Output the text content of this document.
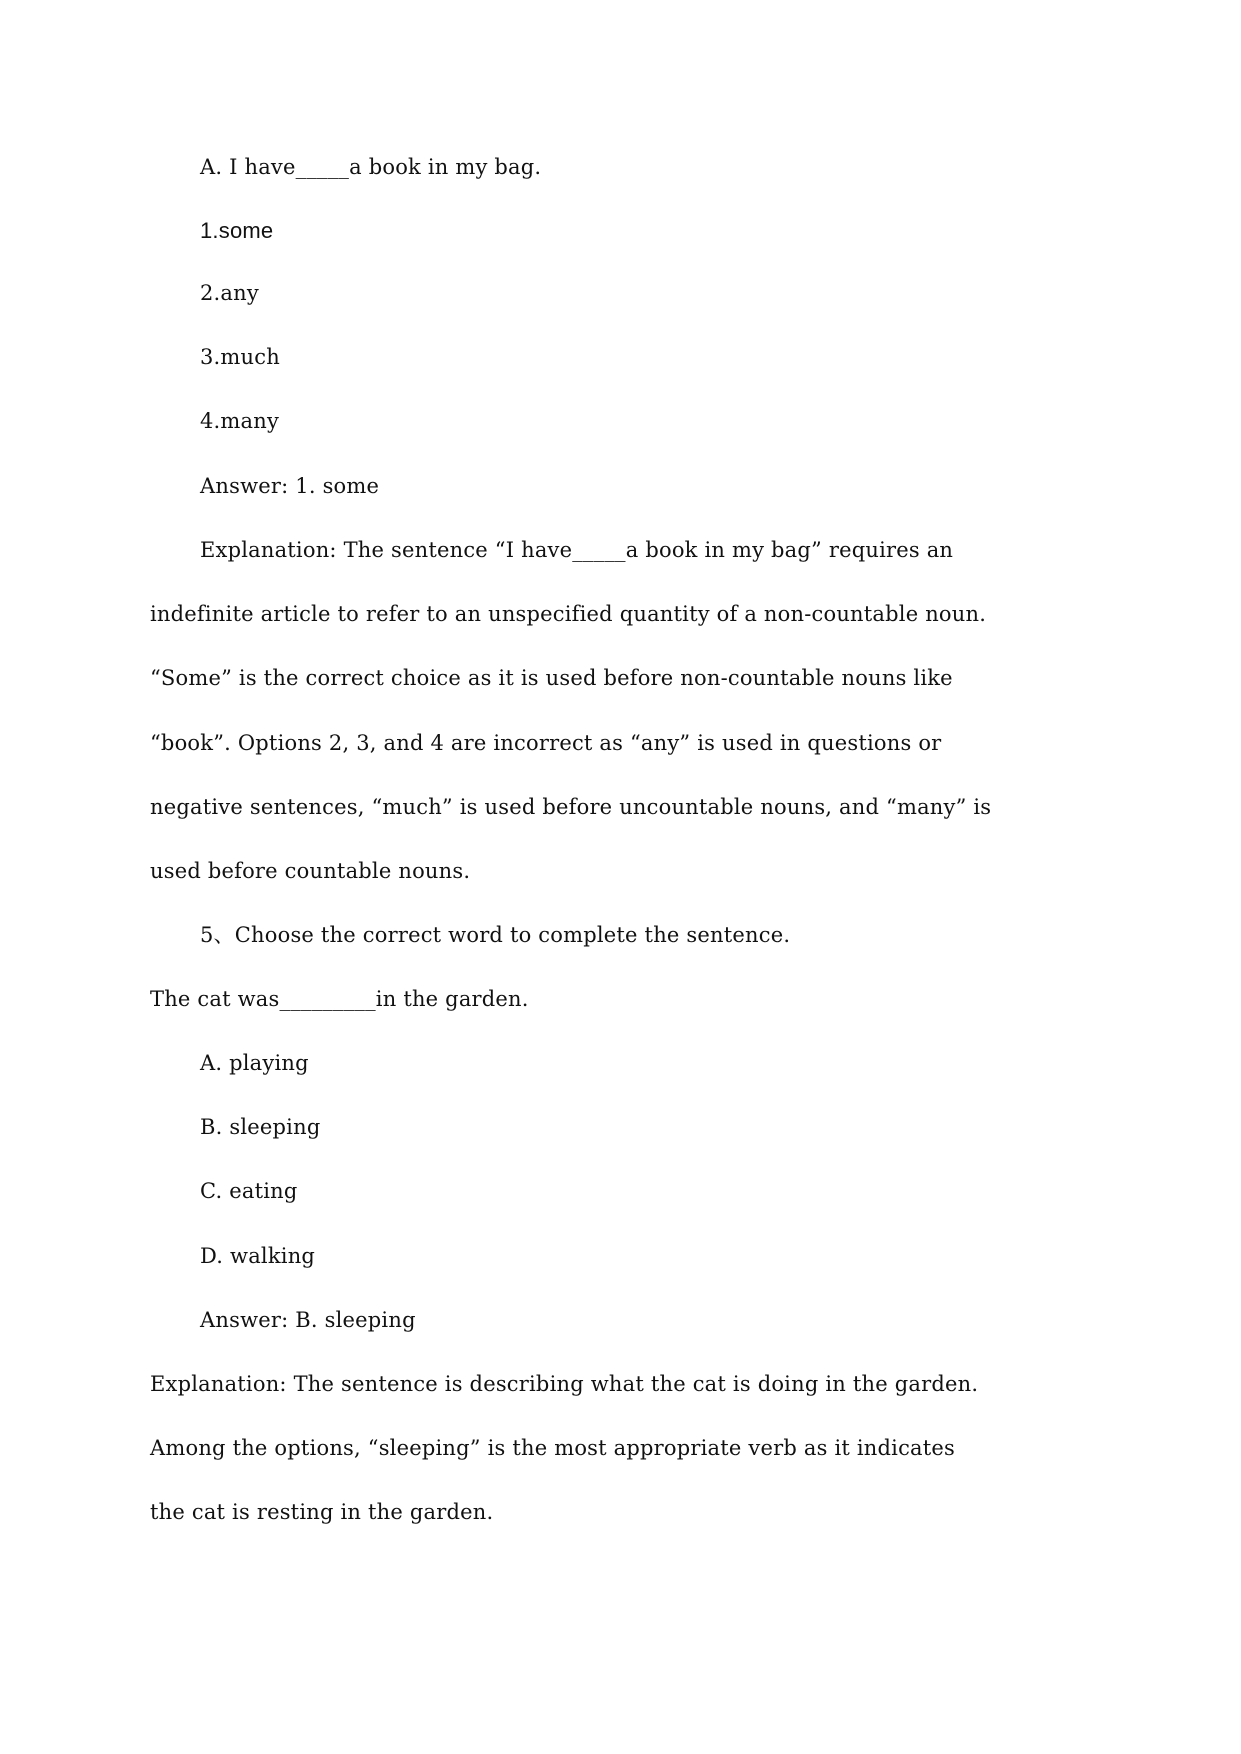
A. I have_____a book in my bag.
1.some
2.any
3.much
4.many
Answer: 1. some
Explanation: The sentence “I have_____a book in my bag” requires an
indefinite article to refer to an unspecified quantity of a non-countable noun.
“Some” is the correct choice as it is used before non-countable nouns like
“book”. Options 2, 3, and 4 are incorrect as “any” is used in questions or
negative sentences, “much” is used before uncountable nouns, and “many” is
used before countable nouns.
5、Choose the correct word to complete the sentence.
The cat was_________in the garden.
A. playing
B. sleeping
C. eating
D. walking
Answer: B. sleeping
Explanation: The sentence is describing what the cat is doing in the garden.
Among the options, “sleeping” is the most appropriate verb as it indicates
the cat is resting in the garden.
